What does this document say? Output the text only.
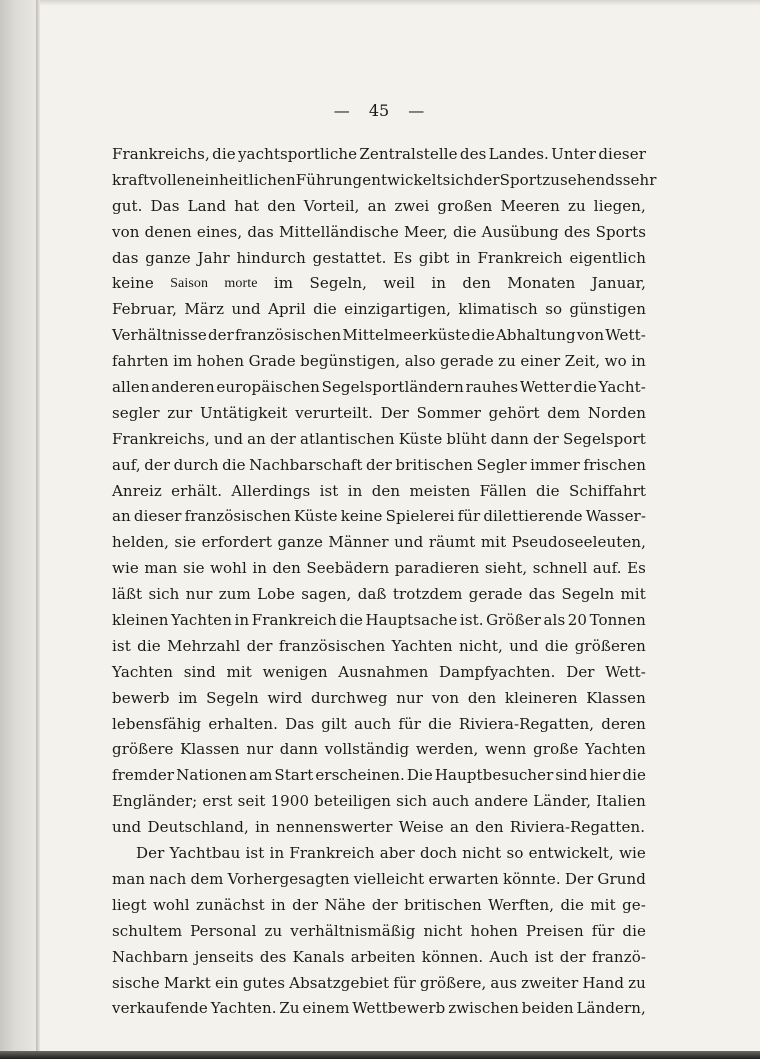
— 45 —
Frankreichs, die yachtsportliche Zentralstelle des Landes. Unter dieser
kraftvollen einheitlichen Führung entwickelt sich der Sport zusehends sehr
gut. Das Land hat den Vorteil, an zwei großen Meeren zu liegen,
von denen eines, das Mittelländische Meer, die Ausübung des Sports
das ganze Jahr hindurch gestattet. Es gibt in Frankreich eigentlich
keine Saison morte im Segeln, weil in den Monaten Januar,
Februar, März und April die einzigartigen, klimatisch so günstigen
Verhältnisse der französischen Mittelmeerküste die Abhaltung von Wett-
fahrten im hohen Grade begünstigen, also gerade zu einer Zeit, wo in
allen anderen europäischen Segelsportländern rauhes Wetter die Yacht-
segler zur Untätigkeit verurteilt. Der Sommer gehört dem Norden
Frankreichs, und an der atlantischen Küste blüht dann der Segelsport
auf, der durch die Nachbarschaft der britischen Segler immer frischen
Anreiz erhält. Allerdings ist in den meisten Fällen die Schiffahrt
an dieser französischen Küste keine Spielerei für dilettierende Wasser-
helden, sie erfordert ganze Männer und räumt mit Pseudoseeleuten,
wie man sie wohl in den Seebädern paradieren sieht, schnell auf. Es
läßt sich nur zum Lobe sagen, daß trotzdem gerade das Segeln mit
kleinen Yachten in Frankreich die Hauptsache ist. Größer als 20 Tonnen
ist die Mehrzahl der französischen Yachten nicht, und die größeren
Yachten sind mit wenigen Ausnahmen Dampfyachten. Der Wett-
bewerb im Segeln wird durchweg nur von den kleineren Klassen
lebensfähig erhalten. Das gilt auch für die Riviera-Regatten, deren
größere Klassen nur dann vollständig werden, wenn große Yachten
fremder Nationen am Start erscheinen. Die Hauptbesucher sind hier die
Engländer; erst seit 1900 beteiligen sich auch andere Länder, Italien
und Deutschland, in nennenswerter Weise an den Riviera-Regatten.
Der Yachtbau ist in Frankreich aber doch nicht so entwickelt, wie
man nach dem Vorhergesagten vielleicht erwarten könnte. Der Grund
liegt wohl zunächst in der Nähe der britischen Werften, die mit ge-
schultem Personal zu verhältnismäßig nicht hohen Preisen für die
Nachbarn jenseits des Kanals arbeiten können. Auch ist der franzö-
sische Markt ein gutes Absatzgebiet für größere, aus zweiter Hand zu
verkaufende Yachten. Zu einem Wettbewerb zwischen beiden Ländern,
